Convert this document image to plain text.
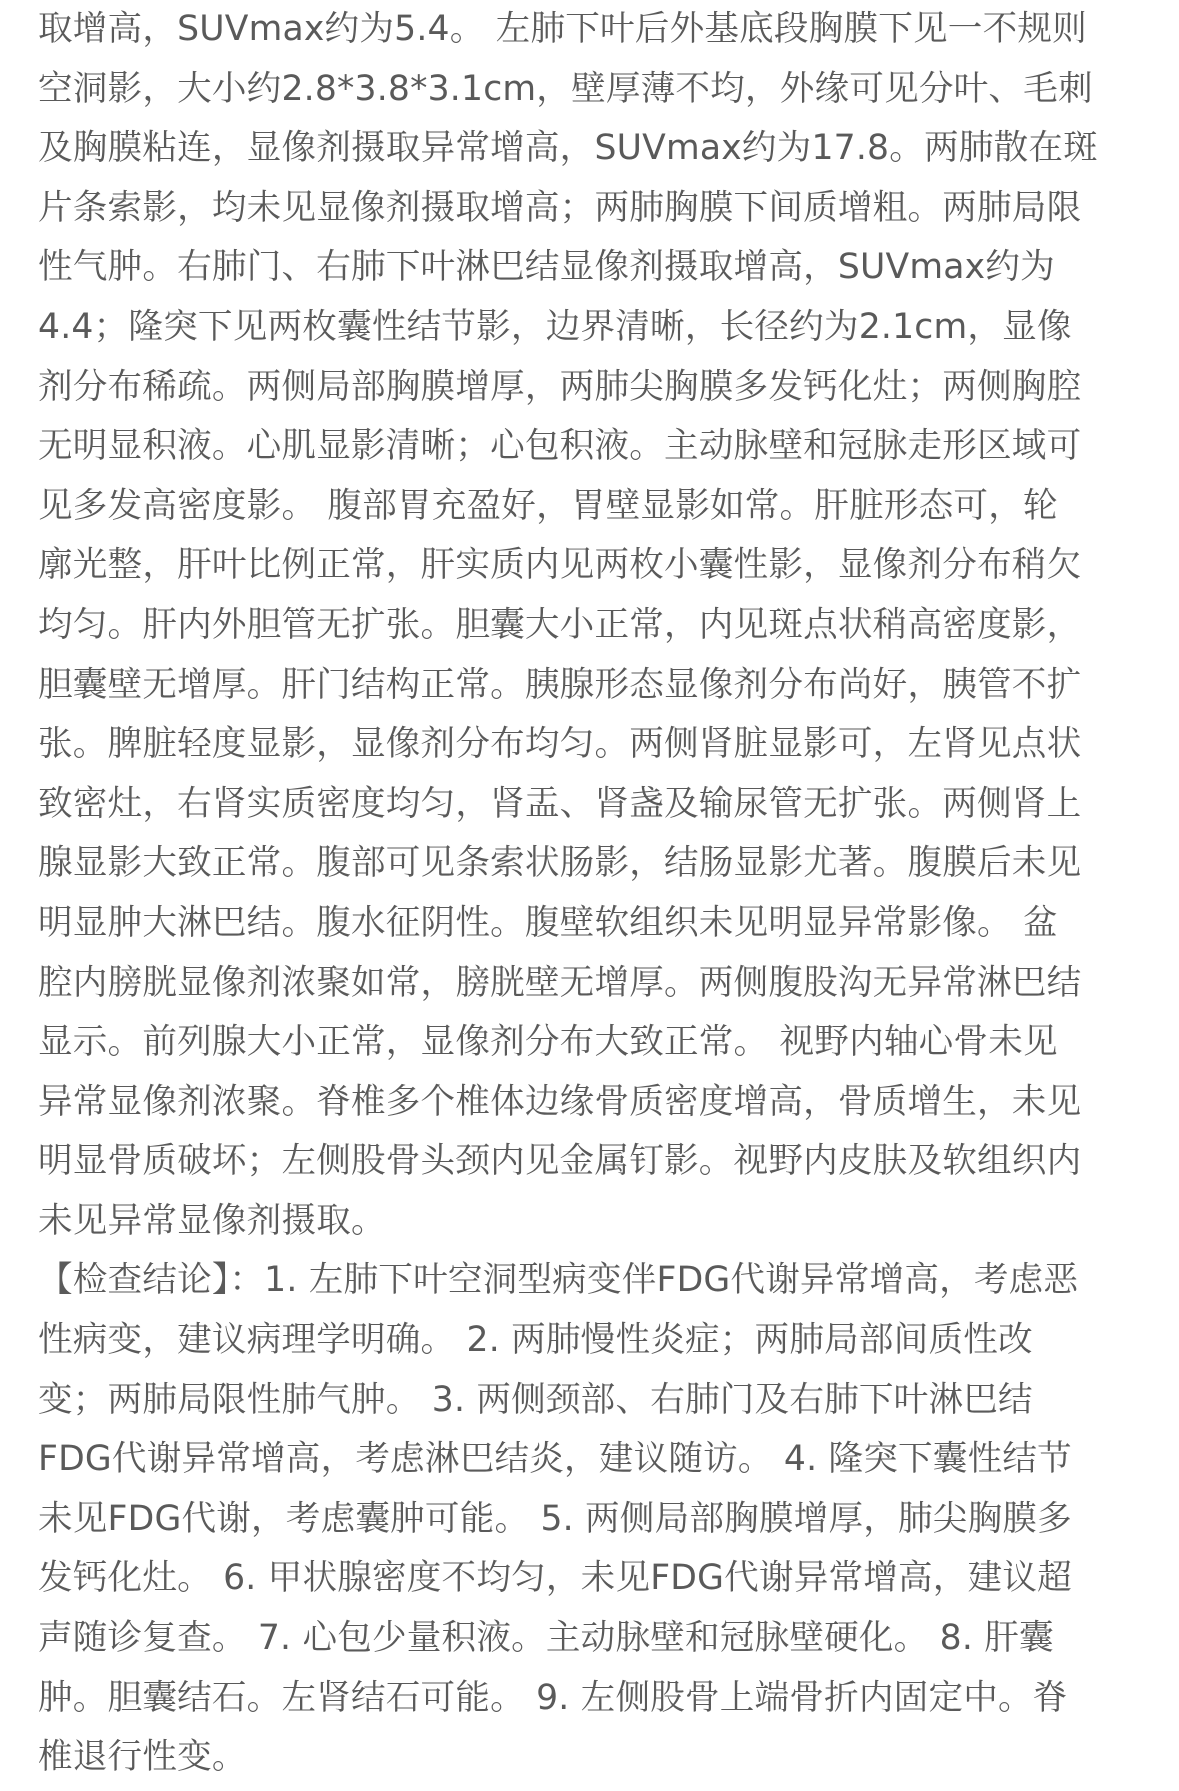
取增高，SUVmax约为5.4。 左肺下叶后外基底段胸膜下见一不规则
空洞影，大小约2.8*3.8*3.1cm，壁厚薄不均，外缘可见分叶、毛刺
及胸膜粘连，显像剂摄取异常增高，SUVmax约为17.8。两肺散在斑
片条索影，均未见显像剂摄取增高；两肺胸膜下间质增粗。两肺局限
性气肿。右肺门、右肺下叶淋巴结显像剂摄取增高，SUVmax约为
4.4；隆突下见两枚囊性结节影，边界清晰，长径约为2.1cm，显像
剂分布稀疏。两侧局部胸膜增厚，两肺尖胸膜多发钙化灶；两侧胸腔
无明显积液。心肌显影清晰；心包积液。主动脉壁和冠脉走形区域可
见多发高密度影。 腹部胃充盈好，胃壁显影如常。肝脏形态可，轮
廓光整，肝叶比例正常，肝实质内见两枚小囊性影，显像剂分布稍欠
均匀。肝内外胆管无扩张。胆囊大小正常，内见斑点状稍高密度影，
胆囊壁无增厚。肝门结构正常。胰腺形态显像剂分布尚好，胰管不扩
张。脾脏轻度显影，显像剂分布均匀。两侧肾脏显影可，左肾见点状
致密灶，右肾实质密度均匀，肾盂、肾盏及输尿管无扩张。两侧肾上
腺显影大致正常。腹部可见条索状肠影，结肠显影尤著。腹膜后未见
明显肿大淋巴结。腹水征阴性。腹壁软组织未见明显异常影像。 盆
腔内膀胱显像剂浓聚如常，膀胱壁无增厚。两侧腹股沟无异常淋巴结
显示。前列腺大小正常，显像剂分布大致正常。 视野内轴心骨未见
异常显像剂浓聚。脊椎多个椎体边缘骨质密度增高，骨质增生，未见
明显骨质破坏；左侧股骨头颈内见金属钉影。视野内皮肤及软组织内
未见异常显像剂摄取。
【检查结论】：1. 左肺下叶空洞型病变伴FDG代谢异常增高，考虑恶
性病变，建议病理学明确。 2. 两肺慢性炎症；两肺局部间质性改
变；两肺局限性肺气肿。 3. 两侧颈部、右肺门及右肺下叶淋巴结
FDG代谢异常增高，考虑淋巴结炎，建议随访。 4. 隆突下囊性结节
未见FDG代谢，考虑囊肿可能。 5. 两侧局部胸膜增厚，肺尖胸膜多
发钙化灶。 6. 甲状腺密度不均匀，未见FDG代谢异常增高，建议超
声随诊复查。 7. 心包少量积液。主动脉壁和冠脉壁硬化。 8. 肝囊
肿。胆囊结石。左肾结石可能。 9. 左侧股骨上端骨折内固定中。脊
椎退行性变。
